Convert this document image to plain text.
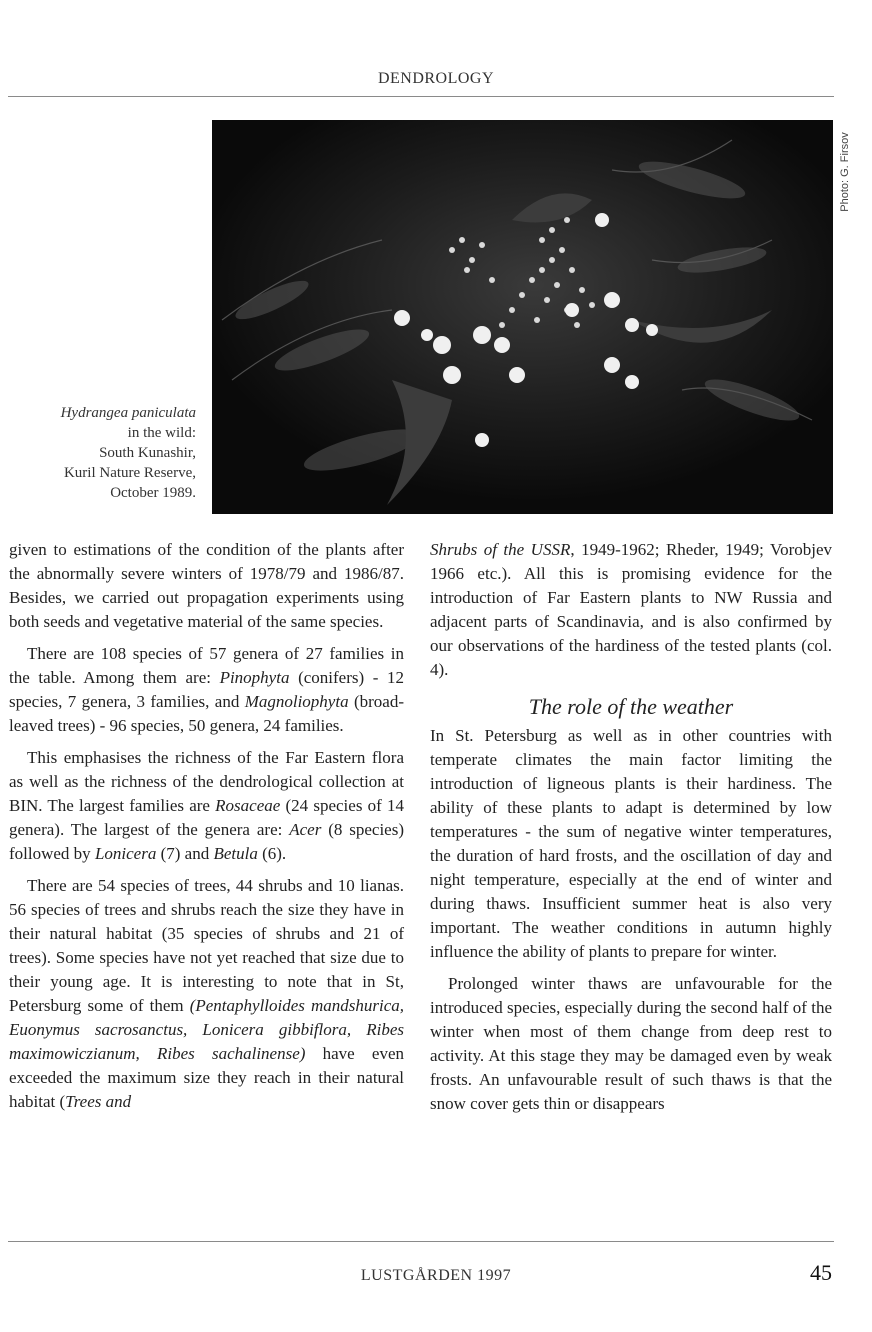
DENDROLOGY
Photo: G. Firsov
Hydrangea paniculata
in the wild:
South Kunashir,
Kuril Nature Reserve,
October 1989.

given to estimations of the condition of the plants after the abnormally severe winters of 1978/79 and 1986/87. Besides, we carried out propagation experiments using both seeds and vegetative material of the same species.

There are 108 species of 57 genera of 27 families in the table. Among them are: Pinophyta (conifers) - 12 species, 7 genera, 3 families, and Magnoliophyta (broad-leaved trees) - 96 species, 50 genera, 24 families.

This emphasises the richness of the Far Eastern flora as well as the richness of the dendrological collection at BIN. The largest families are Rosaceae (24 species of 14 genera). The largest of the genera are: Acer (8 species) followed by Lonicera (7) and Betula (6).

There are 54 species of trees, 44 shrubs and 10 lianas. 56 species of trees and shrubs reach the size they have in their natural habitat (35 species of shrubs and 21 of trees). Some species have not yet reached that size due to their young age. It is interesting to note that in St, Petersburg some of them (Pentaphylloides mandshurica, Euonymus sacrosanctus, Lonicera gibbiflora, Ribes maximowiczianum, Ribes sachalinense) have even exceeded the maximum size they reach in their natural habitat (Trees and

Shrubs of the USSR, 1949-1962; Rheder, 1949; Vorobjev 1966 etc.). All this is promising evidence for the introduction of Far Eastern plants to NW Russia and adjacent parts of Scandinavia, and is also confirmed by our observations of the hardiness of the tested plants (col. 4).

The role of the weather

In St. Petersburg as well as in other countries with temperate climates the main factor limiting the introduction of ligneous plants is their hardiness. The ability of these plants to adapt is determined by low temperatures - the sum of negative winter temperatures, the duration of hard frosts, and the oscillation of day and night temperature, especially at the end of winter and during thaws. Insufficient summer heat is also very important. The weather conditions in autumn highly influence the ability of plants to prepare for winter.

Prolonged winter thaws are unfavourable for the introduced species, especially during the second half of the winter when most of them change from deep rest to activity. At this stage they may be damaged even by weak frosts. An unfavourable result of such thaws is that the snow cover gets thin or disappears

LUSTGÅRDEN 1997	45
